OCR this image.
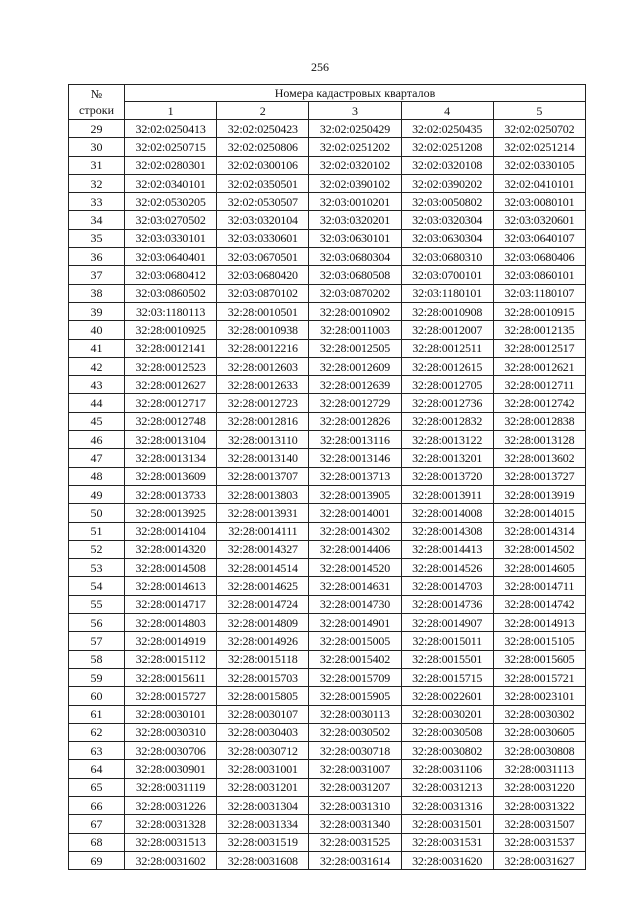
256
№
строки	Номера кадастровых кварталов				
	1	2	3	4	5
29	32:02:0250413	32:02:0250423	32:02:0250429	32:02:0250435	32:02:0250702
30	32:02:0250715	32:02:0250806	32:02:0251202	32:02:0251208	32:02:0251214
31	32:02:0280301	32:02:0300106	32:02:0320102	32:02:0320108	32:02:0330105
32	32:02:0340101	32:02:0350501	32:02:0390102	32:02:0390202	32:02:0410101
33	32:02:0530205	32:02:0530507	32:03:0010201	32:03:0050802	32:03:0080101
34	32:03:0270502	32:03:0320104	32:03:0320201	32:03:0320304	32:03:0320601
35	32:03:0330101	32:03:0330601	32:03:0630101	32:03:0630304	32:03:0640107
36	32:03:0640401	32:03:0670501	32:03:0680304	32:03:0680310	32:03:0680406
37	32:03:0680412	32:03:0680420	32:03:0680508	32:03:0700101	32:03:0860101
38	32:03:0860502	32:03:0870102	32:03:0870202	32:03:1180101	32:03:1180107
39	32:03:1180113	32:28:0010501	32:28:0010902	32:28:0010908	32:28:0010915
40	32:28:0010925	32:28:0010938	32:28:0011003	32:28:0012007	32:28:0012135
41	32:28:0012141	32:28:0012216	32:28:0012505	32:28:0012511	32:28:0012517
42	32:28:0012523	32:28:0012603	32:28:0012609	32:28:0012615	32:28:0012621
43	32:28:0012627	32:28:0012633	32:28:0012639	32:28:0012705	32:28:0012711
44	32:28:0012717	32:28:0012723	32:28:0012729	32:28:0012736	32:28:0012742
45	32:28:0012748	32:28:0012816	32:28:0012826	32:28:0012832	32:28:0012838
46	32:28:0013104	32:28:0013110	32:28:0013116	32:28:0013122	32:28:0013128
47	32:28:0013134	32:28:0013140	32:28:0013146	32:28:0013201	32:28:0013602
48	32:28:0013609	32:28:0013707	32:28:0013713	32:28:0013720	32:28:0013727
49	32:28:0013733	32:28:0013803	32:28:0013905	32:28:0013911	32:28:0013919
50	32:28:0013925	32:28:0013931	32:28:0014001	32:28:0014008	32:28:0014015
51	32:28:0014104	32:28:0014111	32:28:0014302	32:28:0014308	32:28:0014314
52	32:28:0014320	32:28:0014327	32:28:0014406	32:28:0014413	32:28:0014502
53	32:28:0014508	32:28:0014514	32:28:0014520	32:28:0014526	32:28:0014605
54	32:28:0014613	32:28:0014625	32:28:0014631	32:28:0014703	32:28:0014711
55	32:28:0014717	32:28:0014724	32:28:0014730	32:28:0014736	32:28:0014742
56	32:28:0014803	32:28:0014809	32:28:0014901	32:28:0014907	32:28:0014913
57	32:28:0014919	32:28:0014926	32:28:0015005	32:28:0015011	32:28:0015105
58	32:28:0015112	32:28:0015118	32:28:0015402	32:28:0015501	32:28:0015605
59	32:28:0015611	32:28:0015703	32:28:0015709	32:28:0015715	32:28:0015721
60	32:28:0015727	32:28:0015805	32:28:0015905	32:28:0022601	32:28:0023101
61	32:28:0030101	32:28:0030107	32:28:0030113	32:28:0030201	32:28:0030302
62	32:28:0030310	32:28:0030403	32:28:0030502	32:28:0030508	32:28:0030605
63	32:28:0030706	32:28:0030712	32:28:0030718	32:28:0030802	32:28:0030808
64	32:28:0030901	32:28:0031001	32:28:0031007	32:28:0031106	32:28:0031113
65	32:28:0031119	32:28:0031201	32:28:0031207	32:28:0031213	32:28:0031220
66	32:28:0031226	32:28:0031304	32:28:0031310	32:28:0031316	32:28:0031322
67	32:28:0031328	32:28:0031334	32:28:0031340	32:28:0031501	32:28:0031507
68	32:28:0031513	32:28:0031519	32:28:0031525	32:28:0031531	32:28:0031537
69	32:28:0031602	32:28:0031608	32:28:0031614	32:28:0031620	32:28:0031627
